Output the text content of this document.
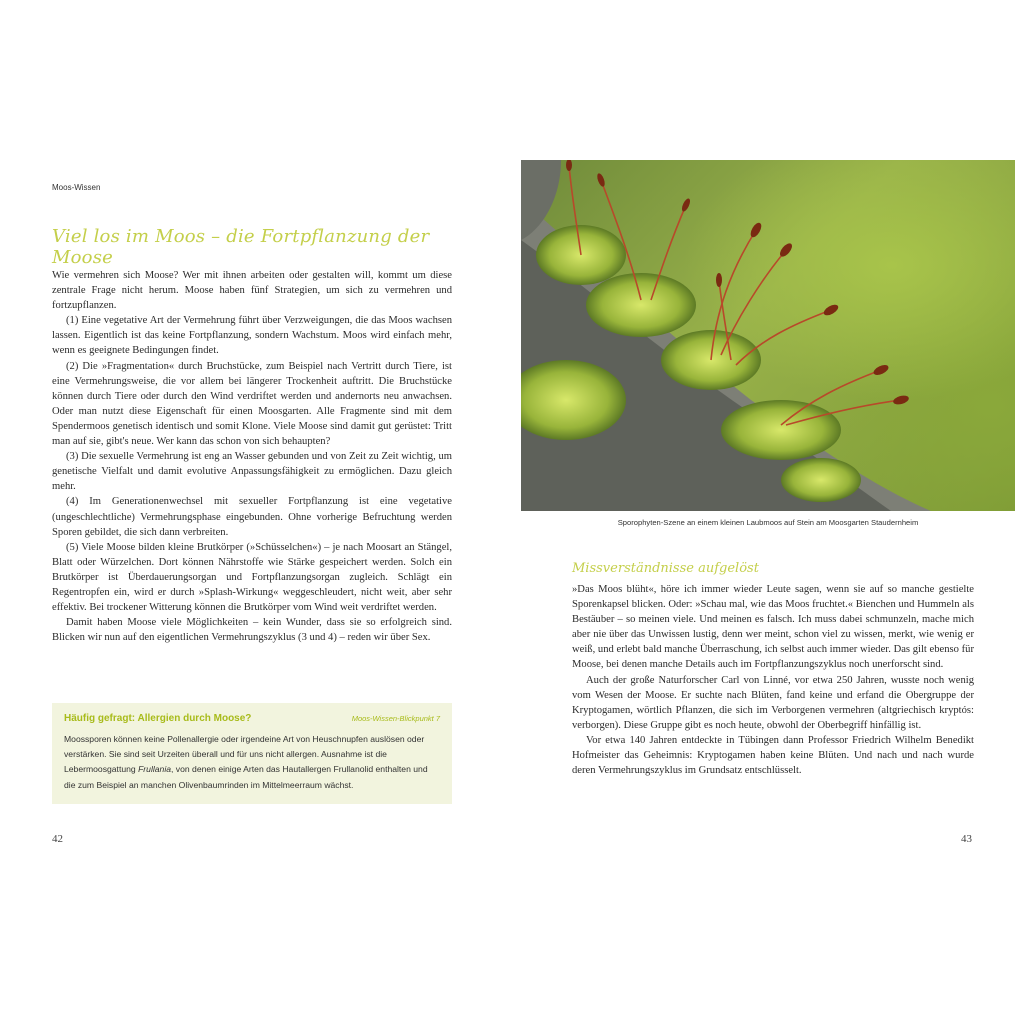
Moos-Wissen
Viel los im Moos – die Fortpflanzung der Moose

Wie vermehren sich Moose? Wer mit ihnen arbeiten oder gestalten will, kommt um diese zentrale Frage nicht herum. Moose haben fünf Strategien, um sich zu vermehren und fortzupflanzen.

(1) Eine vegetative Art der Vermehrung führt über Verzweigungen, die das Moos wachsen lassen. Eigentlich ist das keine Fortpflanzung, sondern Wachstum. Moos wird einfach mehr, wenn es geeignete Bedingungen findet.

(2) Die »Fragmentation« durch Bruchstücke, zum Beispiel nach Vertritt durch Tiere, ist eine Vermehrungsweise, die vor allem bei längerer Trockenheit auftritt. Die Bruchstücke können durch Tiere oder durch den Wind verdriftet werden und andernorts neu anwachsen. Oder man nutzt diese Eigenschaft für einen Moosgarten. Alle Fragmente sind mit dem Spendermoos genetisch identisch und somit Klone. Viele Moose sind damit gut gerüstet: Tritt man auf sie, gibt's neue. Wer kann das schon von sich behaupten?

(3) Die sexuelle Vermehrung ist eng an Wasser gebunden und von Zeit zu Zeit wichtig, um genetische Vielfalt und damit evolutive Anpassungsfähigkeit zu ermöglichen. Dazu gleich mehr.

(4) Im Generationenwechsel mit sexueller Fortpflanzung ist eine vegetative (ungeschlechtliche) Vermehrungsphase eingebunden. Ohne vorherige Befruchtung werden Sporen gebildet, die sich dann verbreiten.

(5) Viele Moose bilden kleine Brutkörper (»Schüsselchen«) – je nach Moosart an Stängel, Blatt oder Würzelchen. Dort können Nährstoffe wie Stärke gespeichert werden. Solch ein Brutkörper ist Überdauerungsorgan und Fortpflanzungsorgan zugleich. Schlägt ein Regentropfen ein, wird er durch »Splash-Wirkung« weggeschleudert, nicht weit, aber sehr effektiv. Bei trockener Witterung können die Brutkörper vom Wind weit verdriftet werden.

Damit haben Moose viele Möglichkeiten – kein Wunder, dass sie so erfolgreich sind. Blicken wir nun auf den eigentlichen Vermehrungszyklus (3 und 4) – reden wir über Sex.

Häufig gefragt: Allergien durch Moose?	Moos-Wissen-Blickpunkt 7
Moossporen können keine Pollenallergie oder irgendeine Art von Heuschnupfen auslösen oder verstärken. Sie sind seit Urzeiten überall und für uns nicht allergen. Ausnahme ist die Lebermoosgattung Frullania, von denen einige Arten das Hautallergen Frullanolid enthalten und die zum Beispiel an manchen Olivenbaumrinden im Mittelmeerraum wächst.
42
Sporophyten-Szene an einem kleinen Laubmoos auf Stein am Moosgarten Staudernheim
Missverständnisse aufgelöst

»Das Moos blüht«, höre ich immer wieder Leute sagen, wenn sie auf so manche gestielte Sporenkapsel blicken. Oder: »Schau mal, wie das Moos fruchtet.« Bienchen und Hummeln als Bestäuber – so meinen viele. Und meinen es falsch. Ich muss dabei schmunzeln, mache mich aber nie über das Unwissen lustig, denn wer meint, schon viel zu wissen, merkt, wie wenig er weiß, und erlebt bald manche Überraschung, ich selbst auch immer wieder. Das gilt ebenso für Moose, bei denen manche Details auch im Fortpflanzungszyklus noch unerforscht sind.

Auch der große Naturforscher Carl von Linné, vor etwa 250 Jahren, wusste noch wenig vom Wesen der Moose. Er suchte nach Blüten, fand keine und erfand die Obergruppe der Kryptogamen, wörtlich Pflanzen, die sich im Verborgenen vermehren (altgriechisch kryptós: verborgen). Diese Gruppe gibt es noch heute, obwohl der Oberbegriff hinfällig ist.

Vor etwa 140 Jahren entdeckte in Tübingen dann Professor Friedrich Wilhelm Benedikt Hofmeister das Geheimnis: Kryptogamen haben keine Blüten. Und nach und nach wurde deren Vermehrungszyklus im Grundsatz entschlüsselt.

43
